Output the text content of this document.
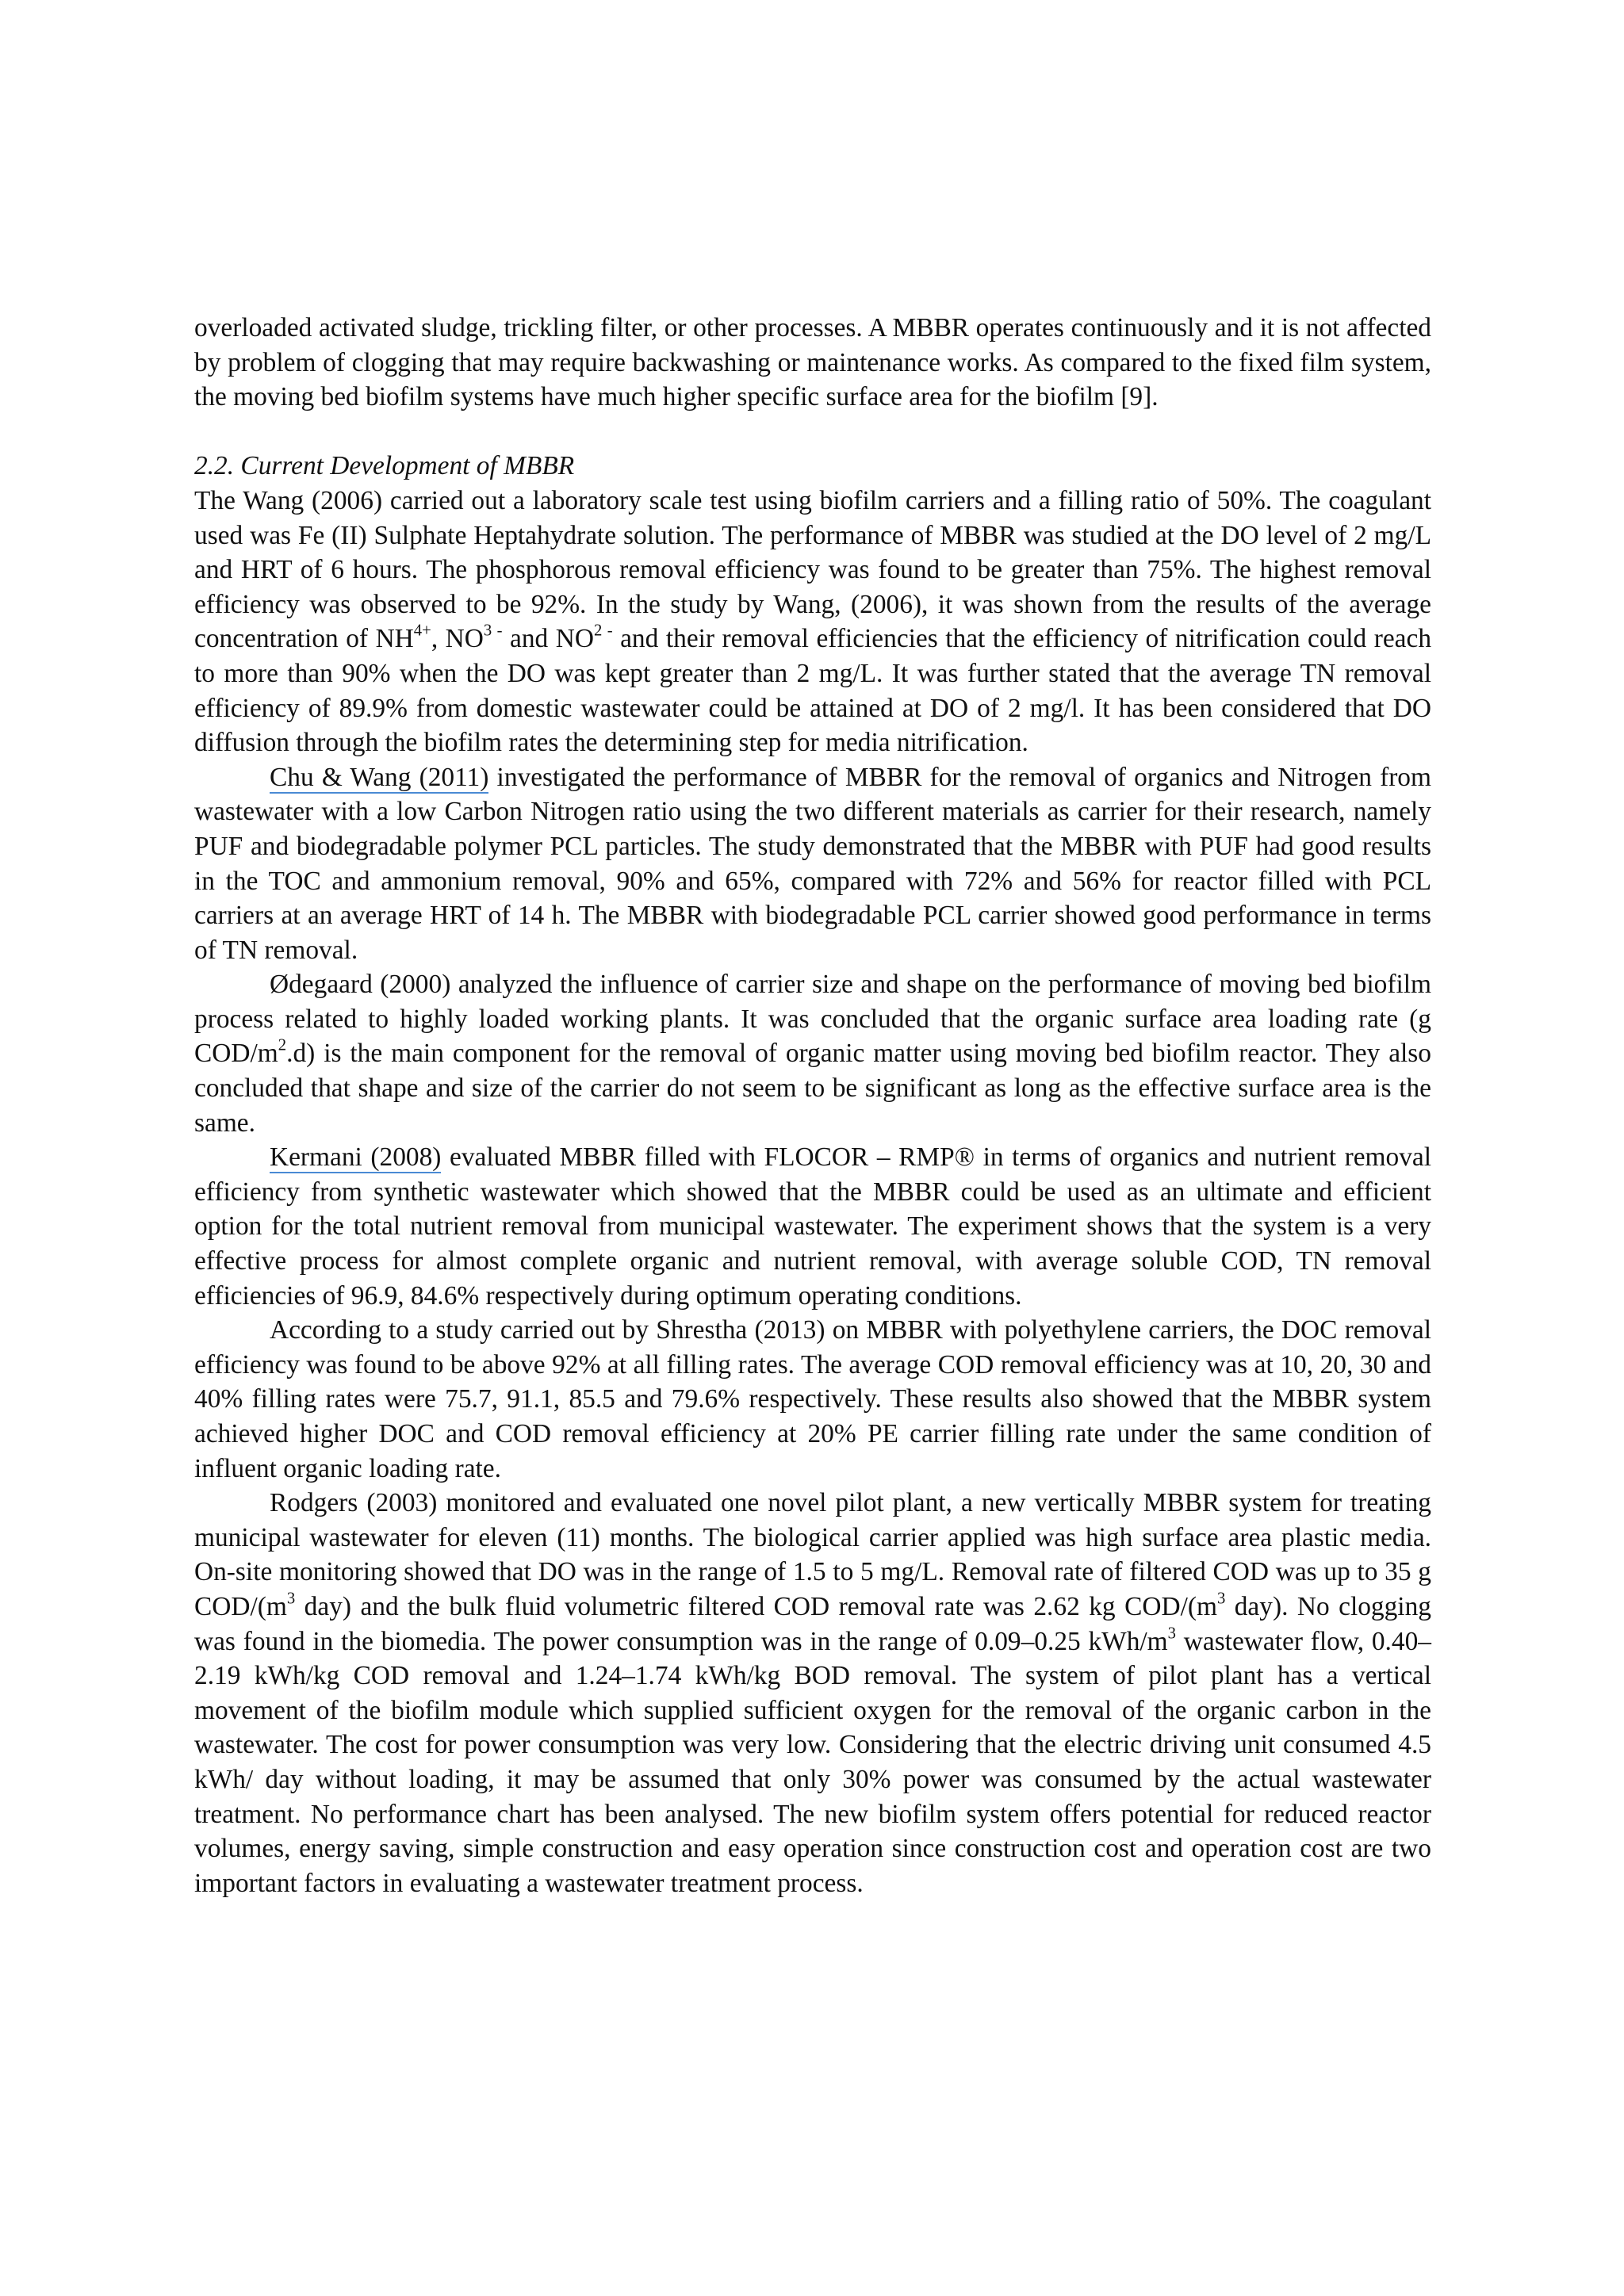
overloaded activated sludge, trickling filter, or other processes. A MBBR operates continuously and it is not affected by problem of clogging that may require backwashing or maintenance works. As compared to the fixed film system, the moving bed biofilm systems have much higher specific surface area for the biofilm [9].

2.2. Current Development of MBBR

The Wang (2006) carried out a laboratory scale test using biofilm carriers and a filling ratio of 50%. The coagulant used was Fe (II) Sulphate Heptahydrate solution. The performance of MBBR was studied at the DO level of 2 mg/L and HRT of 6 hours. The phosphorous removal efficiency was found to be greater than 75%. The highest removal efficiency was observed to be 92%. In the study by Wang, (2006), it was shown from the results of the average concentration of $NH^{4+}$, $NO^{3 -}$ and $NO^{2 -}$ and their removal efficiencies that the efficiency of nitrification could reach to more than 90% when the DO was kept greater than 2 mg/L. It was further stated that the average TN removal efficiency of 89.9% from domestic wastewater could be attained at DO of 2 mg/l. It has been considered that DO diffusion through the biofilm rates the determining step for media nitrification.

Chu & Wang (2011) investigated the performance of MBBR for the removal of organics and Nitrogen from wastewater with a low Carbon Nitrogen ratio using the two different materials as carrier for their research, namely PUF and biodegradable polymer PCL particles. The study demonstrated that the MBBR with PUF had good results in the TOC and ammonium removal, 90% and 65%, compared with 72% and 56% for reactor filled with PCL carriers at an average HRT of 14 h. The MBBR with biodegradable PCL carrier showed good performance in terms of TN removal.

Ødegaard (2000) analyzed the influence of carrier size and shape on the performance of moving bed biofilm process related to highly loaded working plants. It was concluded that the organic surface area loading rate (g COD/$m^2.d$) is the main component for the removal of organic matter using moving bed biofilm reactor. They also concluded that shape and size of the carrier do not seem to be significant as long as the effective surface area is the same.

Kermani (2008) evaluated MBBR filled with FLOCOR – RMP® in terms of organics and nutrient removal efficiency from synthetic wastewater which showed that the MBBR could be used as an ultimate and efficient option for the total nutrient removal from municipal wastewater. The experiment shows that the system is a very effective process for almost complete organic and nutrient removal, with average soluble COD, TN removal efficiencies of 96.9, 84.6% respectively during optimum operating conditions.

According to a study carried out by Shrestha (2013) on MBBR with polyethylene carriers, the DOC removal efficiency was found to be above 92% at all filling rates. The average COD removal efficiency was at 10, 20, 30 and 40% filling rates were 75.7, 91.1, 85.5 and 79.6% respectively. These results also showed that the MBBR system achieved higher DOC and COD removal efficiency at 20% PE carrier filling rate under the same condition of influent organic loading rate.

Rodgers (2003) monitored and evaluated one novel pilot plant, a new vertically MBBR system for treating municipal wastewater for eleven (11) months. The biological carrier applied was high surface area plastic media. On-site monitoring showed that DO was in the range of 1.5 to 5 mg/L. Removal rate of filtered COD was up to 35 g COD/($m^3$ day) and the bulk fluid volumetric filtered COD removal rate was 2.62 kg COD/($m^3$ day). No clogging was found in the biomedia. The power consumption was in the range of 0.09–0.25 kWh/$m^3$ wastewater flow, 0.40–2.19 kWh/kg COD removal and 1.24–1.74 kWh/kg BOD removal. The system of pilot plant has a vertical movement of the biofilm module which supplied sufficient oxygen for the removal of the organic carbon in the wastewater. The cost for power consumption was very low. Considering that the electric driving unit consumed 4.5 kWh/ day without loading, it may be assumed that only 30% power was consumed by the actual wastewater treatment. No performance chart has been analysed. The new biofilm system offers potential for reduced reactor volumes, energy saving, simple construction and easy operation since construction cost and operation cost are two important factors in evaluating a wastewater treatment process.
